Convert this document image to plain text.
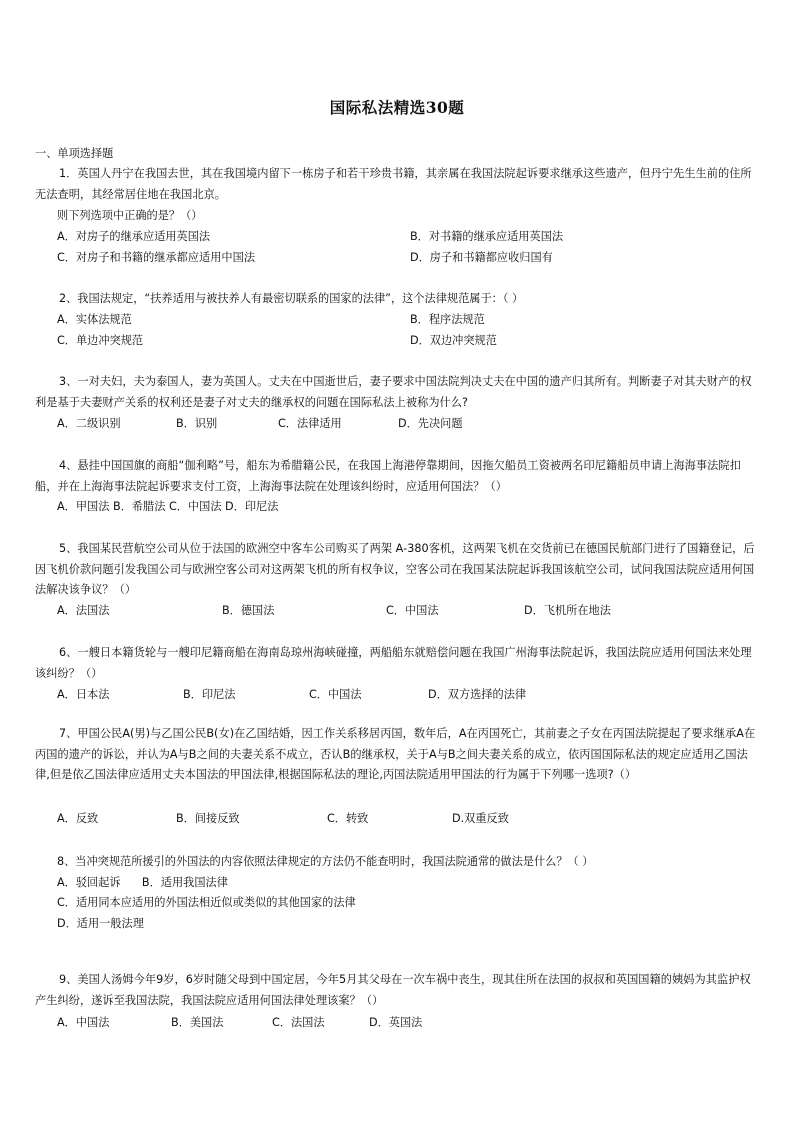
国际私法精选30题
一、单项选择题
1．英国人丹宁在我国去世，其在我国境内留下一栋房子和若干珍贵书籍，其亲属在我国法院起诉要求继承这些遗产，但丹宁先生生前的住所无法查明，其经常居住地在我国北京。
则下列选项中正确的是？（）
A．对房子的继承应适用英国法	B．对书籍的继承应适用英国法
C．对房子和书籍的继承都应适用中国法	D．房子和书籍都应收归国有
2、我国法规定，“扶养适用与被扶养人有最密切联系的国家的法律”，这个法律规范属于：（ ）
A．实体法规范	B．程序法规范
C．单边冲突规范	D．双边冲突规范
3、一对夫妇，夫为泰国人，妻为英国人。丈夫在中国逝世后，妻子要求中国法院判决丈夫在中国的遗产归其所有。判断妻子对其夫财产的权利是基于夫妻财产关系的权利还是妻子对丈夫的继承权的问题在国际私法上被称为什么?
A．二级识别	B．识别	C．法律适用	D．先决问题
4、悬挂中国国旗的商船“伽利略”号，船东为希腊籍公民，在我国上海港停靠期间，因拖欠船员工资被两名印尼籍船员申请上海海事法院扣船，并在上海海事法院起诉要求支付工资，上海海事法院在处理该纠纷时，应适用何国法？（）
A．甲国法 B．希腊法 C．中国法 D．印尼法
5、我国某民营航空公司从位于法国的欧洲空中客车公司购买了两架 A-380客机，这两架飞机在交货前已在德国民航部门进行了国籍登记，后因飞机价款问题引发我国公司与欧洲空客公司对这两架飞机的所有权争议，空客公司在我国某法院起诉我国该航空公司，试问我国法院应适用何国法解决该争议？（）
A．法国法	B．德国法	C．中国法	D．飞机所在地法
6、一艘日本籍货轮与一艘印尼籍商船在海南岛琼州海峡碰撞，两船船东就赔偿问题在我国广州海事法院起诉，我国法院应适用何国法来处理该纠纷？（）
A．日本法	B．印尼法	C．中国法	D．双方选择的法律
7、甲国公民A(男)与乙国公民B(女)在乙国结婚，因工作关系移居丙国，数年后，A在丙国死亡，其前妻之子女在丙国法院提起了要求继承A在丙国的遗产的诉讼，并认为A与B之间的夫妻关系不成立，否认B的继承权，关于A与B之间夫妻关系的成立，依丙国国际私法的规定应适用乙国法律,但是依乙国法律应适用丈夫本国法的甲国法律,根据国际私法的理论,丙国法院适用甲国法的行为属于下列哪一选项?（）
A．反致	B．间接反致	C．转致	D.双重反致
8、当冲突规范所援引的外国法的内容依照法律规定的方法仍不能查明时，我国法院通常的做法是什么？（ ）
A．驳回起诉      B．适用我国法律
C．适用同本应适用的外国法相近似或类似的其他国家的法律
D．适用一般法理
9、美国人汤姆今年9岁，6岁时随父母到中国定居，今年5月其父母在一次车祸中丧生，现其住所在法国的叔叔和英国国籍的姨妈为其监护权产生纠纷，遂诉至我国法院，我国法院应适用何国法律处理该案？（）
A．中国法	B．美国法	C．法国法	D．英国法
